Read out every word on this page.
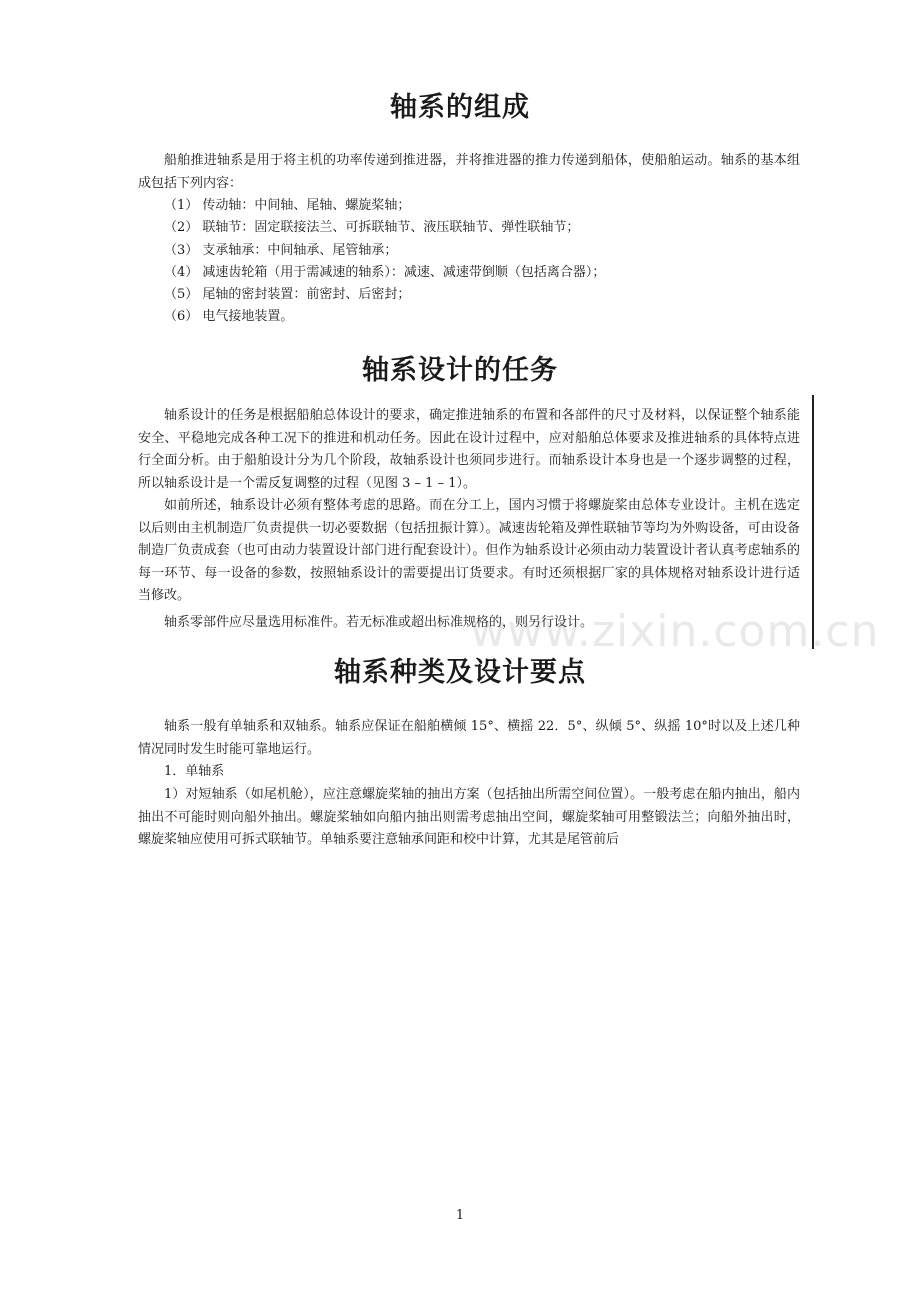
轴系的组成

船舶推进轴系是用于将主机的功率传递到推进器，并将推进器的推力传递到船体，使船舶运动。轴系的基本组成包括下列内容：

（1） 传动轴：中间轴、尾轴、螺旋桨轴；
（2） 联轴节：固定联接法兰、可拆联轴节、液压联轴节、弹性联轴节；
（3） 支承轴承：中间轴承、尾管轴承；
（4） 减速齿轮箱（用于需减速的轴系）：减速、减速带倒顺（包括离合器）；
（5） 尾轴的密封装置：前密封、后密封；
（6） 电气接地装置。
轴系设计的任务

轴系设计的任务是根据船舶总体设计的要求，确定推进轴系的布置和各部件的尺寸及材料，以保证整个轴系能安全、平稳地完成各种工况下的推进和机动任务。因此在设计过程中，应对船舶总体要求及推进轴系的具体特点进行全面分析。由于船舶设计分为几个阶段，故轴系设计也须同步进行。而轴系设计本身也是一个逐步调整的过程，所以轴系设计是一个需反复调整的过程（见图 3 – 1 – 1）。

如前所述，轴系设计必须有整体考虑的思路。而在分工上，国内习惯于将螺旋桨由总体专业设计。主机在选定以后则由主机制造厂负责提供一切必要数据（包括扭振计算）。减速齿轮箱及弹性联轴节等均为外购设备，可由设备制造厂负责成套（也可由动力装置设计部门进行配套设计）。但作为轴系设计必须由动力装置设计者认真考虑轴系的每一环节、每一设备的参数，按照轴系设计的需要提出订货要求。有时还须根据厂家的具体规格对轴系设计进行适当修改。

轴系零部件应尽量选用标准件。若无标准或超出标准规格的，则另行设计。

www.zixin.com.cn
轴系种类及设计要点

轴系一般有单轴系和双轴系。轴系应保证在船舶横倾 15°、横摇 22．5°、纵倾 5°、纵摇 10°时以及上述几种情况同时发生时能可靠地运行。

1．单轴系

1）对短轴系（如尾机舱），应注意螺旋桨轴的抽出方案（包括抽出所需空间位置）。一般考虑在船内抽出，船内抽出不可能时则向船外抽出。螺旋桨轴如向船内抽出则需考虑抽出空间，螺旋桨轴可用整锻法兰；向船外抽出时，螺旋桨轴应使用可拆式联轴节。单轴系要注意轴承间距和校中计算，尤其是尾管前后

1
